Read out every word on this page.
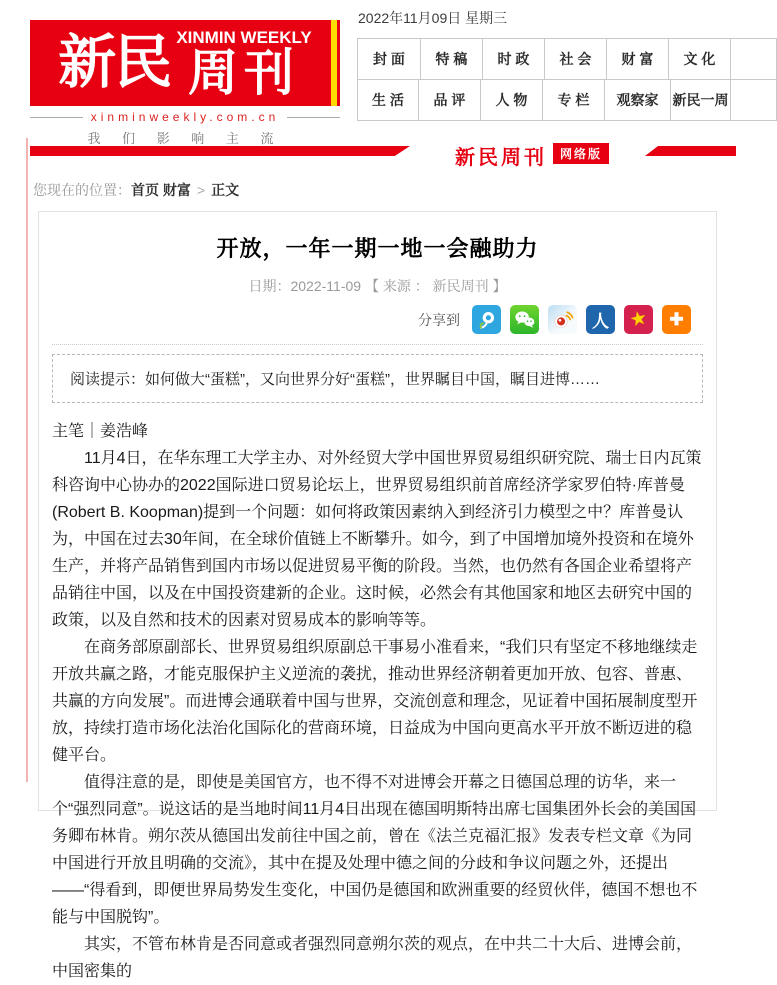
2022年11月09日 星期三
新民 XINMIN WEEKLY
周刊
xinminweekly.com.cn
我 们 影 响 主 流
封 面	特 稿	时 政	社 会	财 富	文 化
生 活	品 评	人 物	专 栏	观察家	新民一周
新民周刊	网络版
您现在的位置：首页 财富 > 正文
开放，一年一期一地一会融助力
日期：2022-11-09 【 来源 ： 新民周刊 】
分享到	人 ★ ✚
阅读提示：如何做大“蛋糕”，又向世界分好“蛋糕”，世界瞩目中国，瞩目进博……
主笔｜姜浩峰

11月4日，在华东理工大学主办、对外经贸大学中国世界贸易组织研究院、瑞士日内瓦策科咨询中心协办的2022国际进口贸易论坛上，世界贸易组织前首席经济学家罗伯特·库普曼(Robert B. Koopman)提到一个问题：如何将政策因素纳入到经济引力模型之中？库普曼认为，中国在过去30年间，在全球价值链上不断攀升。如今，到了中国增加境外投资和在境外生产，并将产品销售到国内市场以促进贸易平衡的阶段。当然，也仍然有各国企业希望将产品销往中国，以及在中国投资建新的企业。这时候，必然会有其他国家和地区去研究中国的政策，以及自然和技术的因素对贸易成本的影响等等。

在商务部原副部长、世界贸易组织原副总干事易小准看来，“我们只有坚定不移地继续走开放共赢之路，才能克服保护主义逆流的袭扰，推动世界经济朝着更加开放、包容、普惠、共赢的方向发展”。而进博会通联着中国与世界，交流创意和理念，见证着中国拓展制度型开放，持续打造市场化法治化国际化的营商环境，日益成为中国向更高水平开放不断迈进的稳健平台。

值得注意的是，即使是美国官方，也不得不对进博会开幕之日德国总理的访华，来一个“强烈同意”。说这话的是当地时间11月4日出现在德国明斯特出席七国集团外长会的美国国务卿布林肯。朔尔茨从德国出发前往中国之前，曾在《法兰克福汇报》发表专栏文章《为同中国进行开放且明确的交流》，其中在提及处理中德之间的分歧和争议问题之外，还提出——“得看到，即便世界局势发生变化，中国仍是德国和欧洲重要的经贸伙伴，德国不想也不能与中国脱钩”。

其实，不管布林肯是否同意或者强烈同意朔尔茨的观点，在中共二十大后、进博会前，中国密集的
